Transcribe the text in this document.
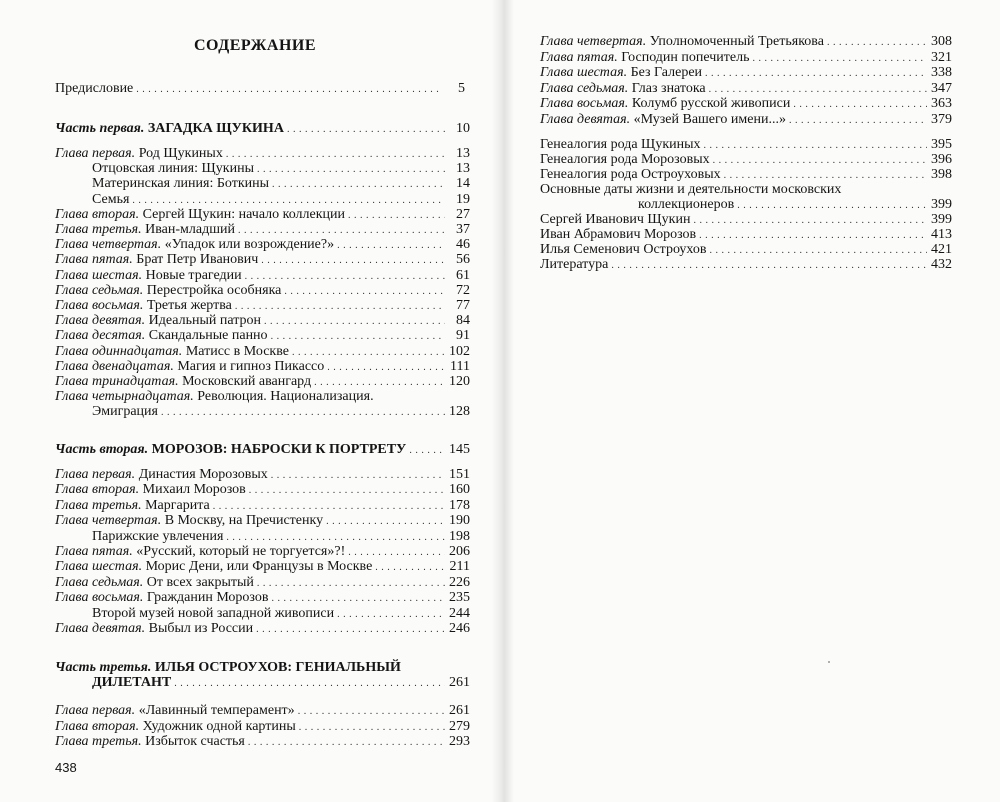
СОДЕРЖАНИЕ
Предисловие . . .	5
Часть первая. ЗАГАДКА ЩУКИНА . . .	10
Глава первая. Род Щукиных . . .	13
Отцовская линия: Щукины . . .	13
Материнская линия: Боткины . . .	14
Семья . . .	19
Глава вторая. Сергей Щукин: начало коллекции . . .	27
Глава третья. Иван-младший . . .	37
Глава четвертая. «Упадок или возрождение?» . . .	46
Глава пятая. Брат Петр Иванович . . .	56
Глава шестая. Новые трагедии . . .	61
Глава седьмая. Перестройка особняка . . .	72
Глава восьмая. Третья жертва . . .	77
Глава девятая. Идеальный патрон . . .	84
Глава десятая. Скандальные панно . . .	91
Глава одиннадцатая. Матисс в Москве . . .	102
Глава двенадцатая. Магия и гипноз Пикассо . . .	111
Глава тринадцатая. Московский авангард . . .	120
Глава четырнадцатая. Революция. Национализация.
Эмиграция . . .	128
Часть вторая. МОРОЗОВ: НАБРОСКИ К ПОРТРЕТУ . . .	145
Глава первая. Династия Морозовых . . .	151
Глава вторая. Михаил Морозов . . .	160
Глава третья. Маргарита . . .	178
Глава четвертая. В Москву, на Пречистенку . . .	190
Парижские увлечения . . .	198
Глава пятая. «Русский, который не торгуется»?! . . .	206
Глава шестая. Морис Дени, или Французы в Москве . . .	211
Глава седьмая. От всех закрытый . . .	226
Глава восьмая. Гражданин Морозов . . .	235
Второй музей новой западной живописи . . .	244
Глава девятая. Выбыл из России . . .	246
Часть третья. ИЛЬЯ ОСТРОУХОВ: ГЕНИАЛЬНЫЙ
ДИЛЕТАНТ . . .	261
Глава первая. «Лавинный темперамент» . . .	261
Глава вторая. Художник одной картины . . .	279
Глава третья. Избыток счастья . . .	293
438
Глава четвертая. Уполномоченный Третьякова . . .	308
Глава пятая. Господин попечитель . . .	321
Глава шестая. Без Галереи . . .	338
Глава седьмая. Глаз знатока . . .	347
Глава восьмая. Колумб русской живописи . . .	363
Глава девятая. «Музей Вашего имени...» . . .	379
Генеалогия рода Щукиных . . .	395
Генеалогия рода Морозовых . . .	396
Генеалогия рода Остроуховых . . .	398
Основные даты жизни и деятельности московских
коллекционеров . . .	399
Сергей Иванович Щукин . . .	399
Иван Абрамович Морозов . . .	413
Илья Семенович Остроухов . . .	421
Литература . . .	432
